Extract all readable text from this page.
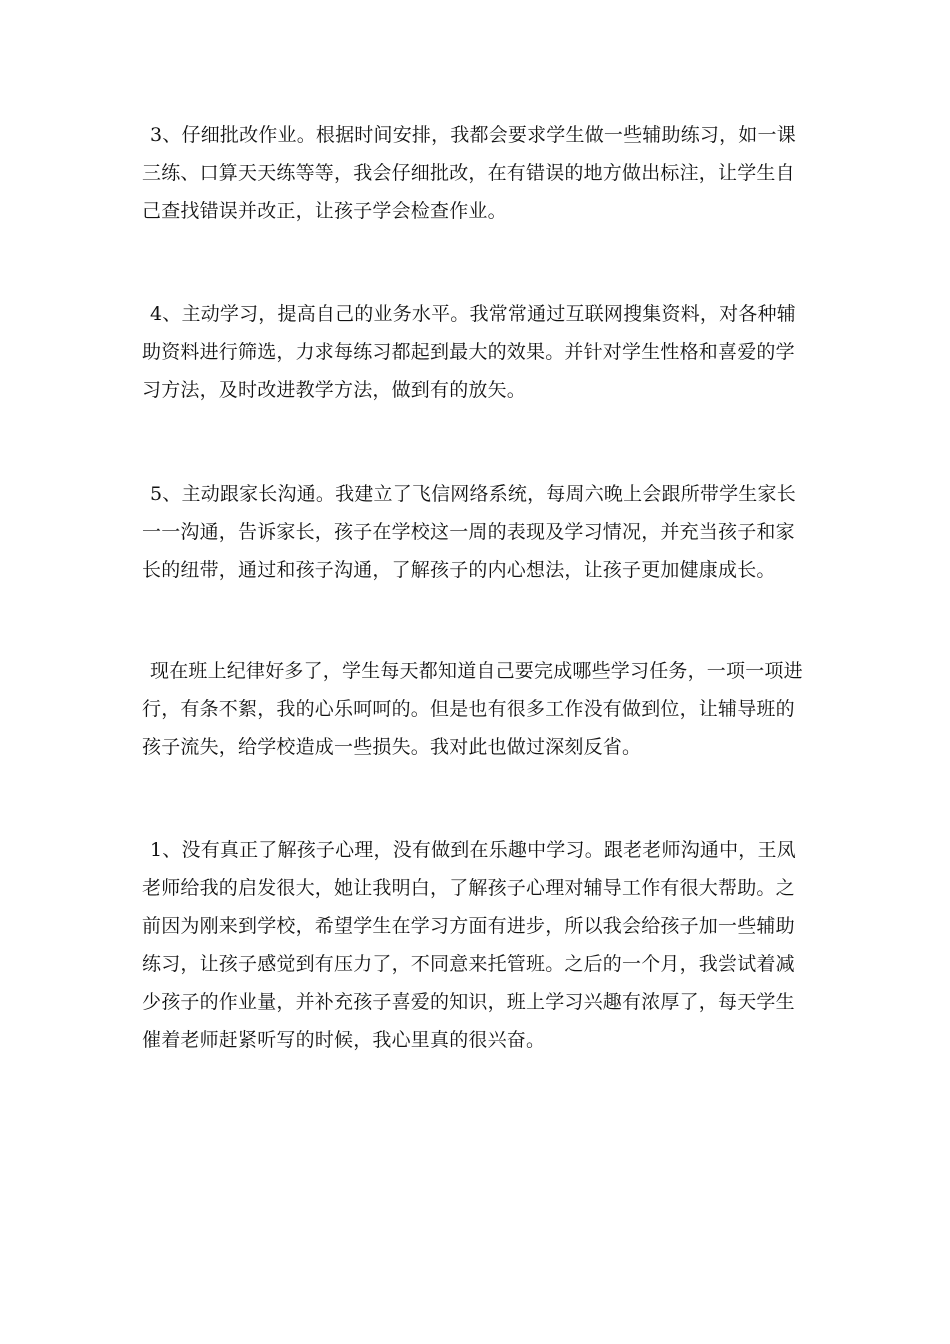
3、仔细批改作业。根据时间安排，我都会要求学生做一些辅助练习，如一课
三练、口算天天练等等，我会仔细批改，在有错误的地方做出标注，让学生自
己查找错误并改正，让孩子学会检查作业。
4、主动学习，提高自己的业务水平。我常常通过互联网搜集资料，对各种辅
助资料进行筛选，力求每练习都起到最大的效果。并针对学生性格和喜爱的学
习方法，及时改进教学方法，做到有的放矢。
5、主动跟家长沟通。我建立了飞信网络系统，每周六晚上会跟所带学生家长
一一沟通，告诉家长，孩子在学校这一周的表现及学习情况，并充当孩子和家
长的纽带，通过和孩子沟通，了解孩子的内心想法，让孩子更加健康成长。
现在班上纪律好多了，学生每天都知道自己要完成哪些学习任务，一项一项进
行，有条不絮，我的心乐呵呵的。但是也有很多工作没有做到位，让辅导班的
孩子流失，给学校造成一些损失。我对此也做过深刻反省。
1、没有真正了解孩子心理，没有做到在乐趣中学习。跟老老师沟通中，王凤
老师给我的启发很大，她让我明白，了解孩子心理对辅导工作有很大帮助。之
前因为刚来到学校，希望学生在学习方面有进步，所以我会给孩子加一些辅助
练习，让孩子感觉到有压力了，不同意来托管班。之后的一个月，我尝试着减
少孩子的作业量，并补充孩子喜爱的知识，班上学习兴趣有浓厚了，每天学生
催着老师赶紧听写的时候，我心里真的很兴奋。
